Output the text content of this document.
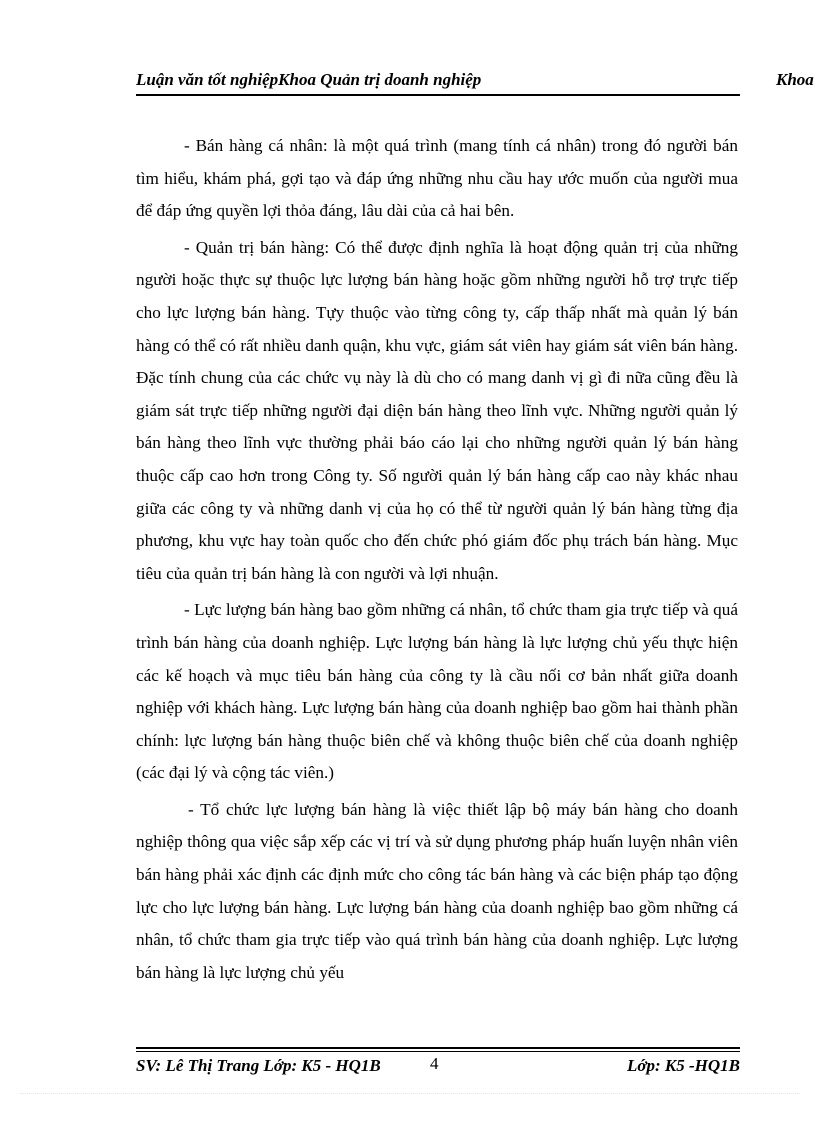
Luận văn tốt nghiệpKhoa Quản trị doanh nghiệp	Khoa

- Bán hàng cá nhân: là một quá trình (mang tính cá nhân) trong đó người bán tìm hiểu, khám phá, gợi tạo và đáp ứng những nhu cầu hay ước muốn của người mua để đáp ứng quyền lợi thỏa đáng, lâu dài của cả hai bên.

- Quản trị bán hàng: Có thể được định nghĩa là hoạt động quản trị của những người hoặc thực sự thuộc lực lượng bán hàng hoặc gồm những người hỗ trợ trực tiếp cho lực lượng bán hàng. Tựy thuộc vào từng công ty, cấp thấp nhất mà quản lý bán hàng có thể có rất nhiều danh quận, khu vực, giám sát viên hay giám sát viên bán hàng. Đặc tính chung của các chức vụ này là dù cho có mang danh vị gì đi nữa cũng đều là giám sát trực tiếp những người đại diện bán hàng theo lĩnh vực. Những người quản lý bán hàng theo lĩnh vực thường phải báo cáo lại cho những người quản lý bán hàng thuộc cấp cao hơn trong Công ty. Số người quản lý bán hàng cấp cao này khác nhau giữa các công ty và những danh vị của họ có thể từ người quản lý bán hàng từng địa phương, khu vực hay toàn quốc cho đến chức phó giám đốc phụ trách bán hàng. Mục tiêu của quản trị bán hàng là con người và lợi nhuận.

- Lực lượng bán hàng bao gồm những cá nhân, tổ chức tham gia trực tiếp và quá trình bán hàng của doanh nghiệp. Lực lượng bán hàng là lực lượng chủ yếu thực hiện các kế hoạch và mục tiêu bán hàng của công ty là cầu nối cơ bản nhất giữa doanh nghiệp với khách hàng. Lực lượng bán hàng của doanh nghiệp bao gồm hai thành phần chính: lực lượng bán hàng thuộc biên chế và không thuộc biên chế của doanh nghiệp (các đại lý và cộng tác viên.)

- Tổ chức lực lượng bán hàng là việc thiết lập bộ máy bán hàng cho doanh nghiệp thông qua việc sắp xếp các vị trí và sử dụng phương pháp huấn luyện nhân viên bán hàng phải xác định các định mức cho công tác bán hàng và các biện pháp tạo động lực cho lực lượng bán hàng. Lực lượng bán hàng của doanh nghiệp bao gồm những cá nhân, tổ chức tham gia trực tiếp vào quá trình bán hàng của doanh nghiệp. Lực lượng bán hàng là lực lượng chủ yếu

SV: Lê Thị Trang Lớp: K5 - HQ1B	4	Lớp: K5 -HQ1B
